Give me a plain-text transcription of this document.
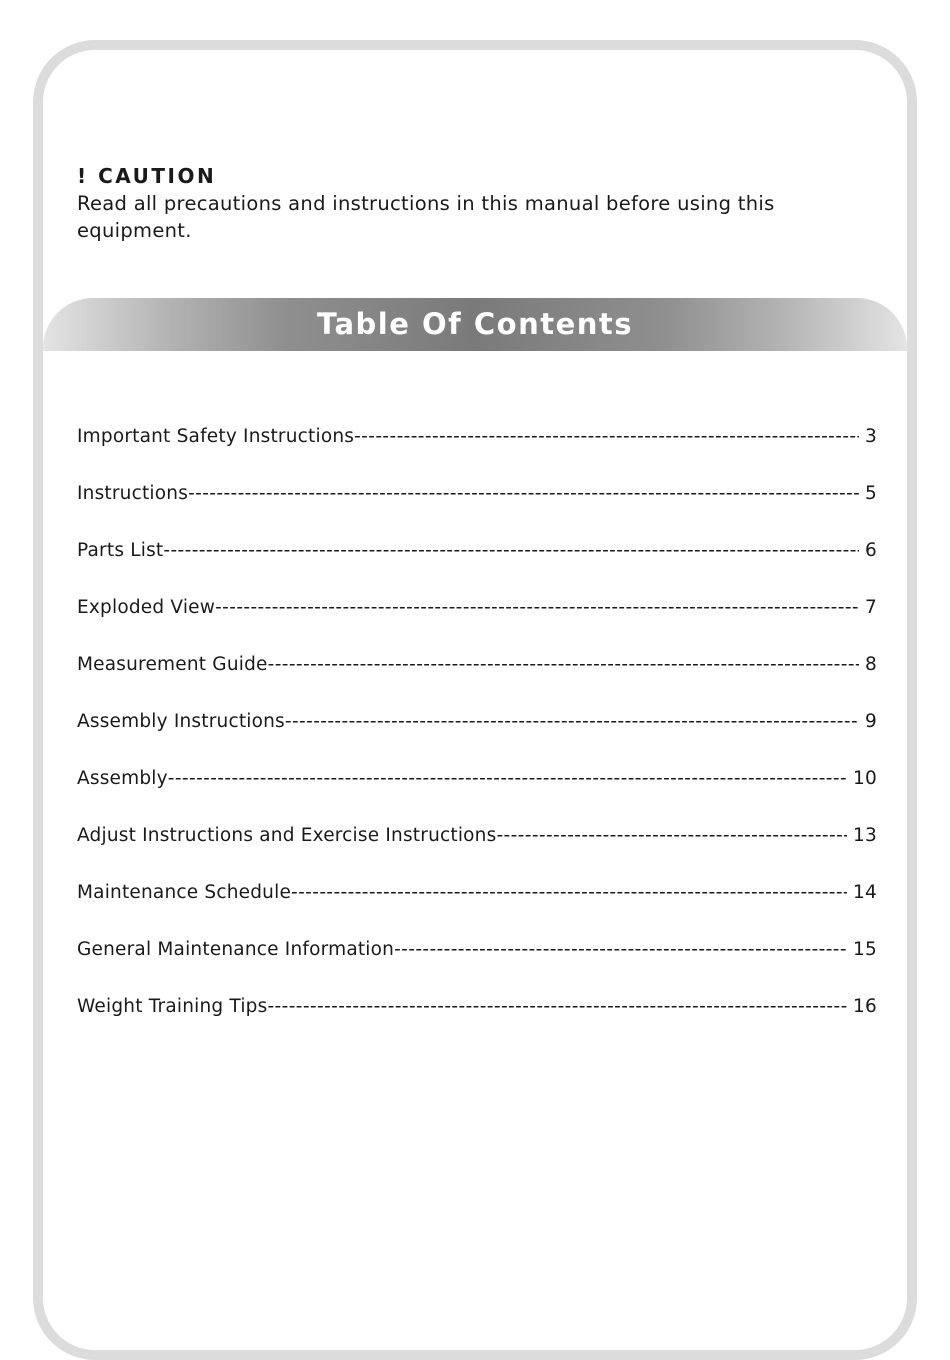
! CAUTION
Read all precautions and instructions in this manual before using this equipment.
Table Of Contents
Important Safety Instructions -----	3
Instructions -----	5
Parts List -----	6
Exploded View -----	7
Measurement Guide -----	8
Assembly Instructions -----	9
Assembly -----	10
Adjust Instructions and Exercise Instructions -----	13
Maintenance Schedule -----	14
General Maintenance Information -----	15
Weight Training Tips -----	16
